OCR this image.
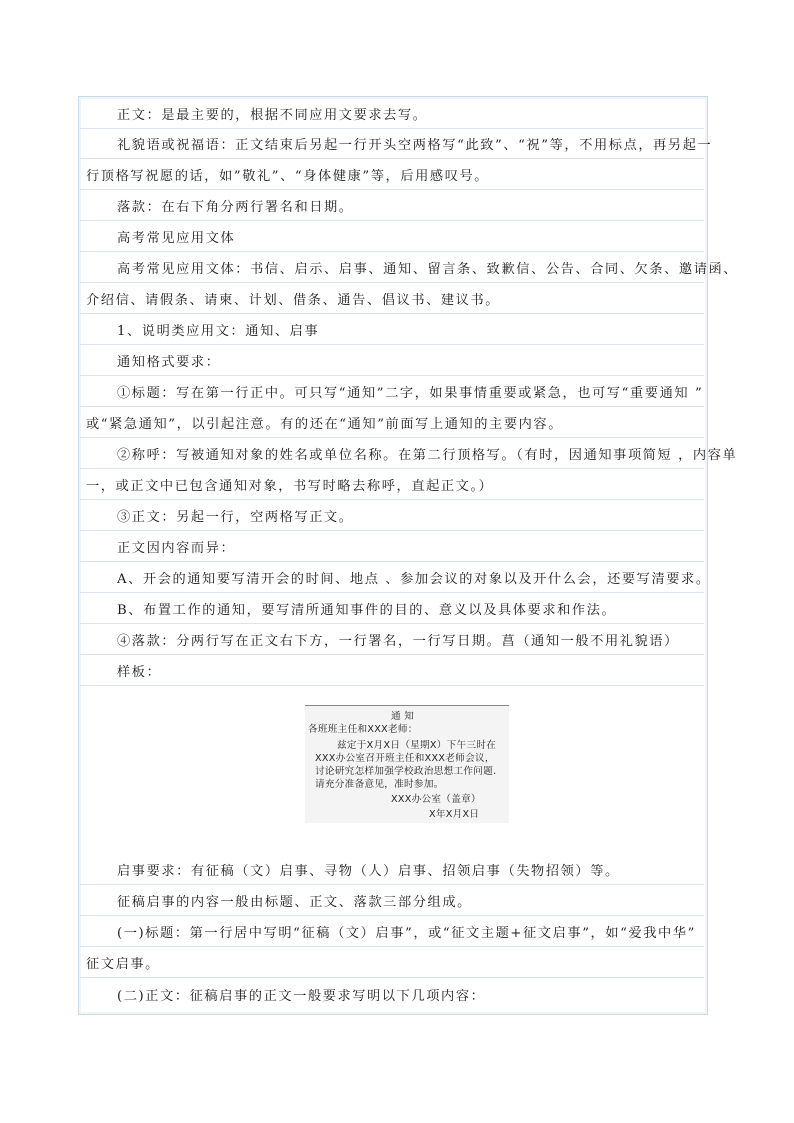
正文：是最主要的，根据不同应用文要求去写。
礼貌语或祝福语：正文结束后另起一行开头空两格写“此致”、“祝”等，不用标点，再另起一
行顶格写祝愿的话，如”敬礼”、“身体健康”等，后用感叹号。
落款：在右下角分两行署名和日期。
高考常见应用文体
高考常见应用文体：书信、启示、启事、通知、留言条、致歉信、公告、合同、欠条、邀请函、
介绍信、请假条、请柬、计划、借条、通告、倡议书、建议书。
1、说明类应用文：通知、启事
通知格式要求：
①标题：写在第一行正中。可只写“通知”二字，如果事情重要或紧急，也可写“重要通知 ”
或“紧急通知”，以引起注意。有的还在“通知”前面写上通知的主要内容。
②称呼：写被通知对象的姓名或单位名称。在第二行顶格写。（有时，因通知事项简短 ，内容单
一，或正文中已包含通知对象，书写时略去称呼，直起正文。）
③正文：另起一行，空两格写正文。
正文因内容而异：
A、开会的通知要写清开会的时间、地点 、参加会议的对象以及开什么会，还要写清要求。
B、布置工作的通知，要写清所通知事件的目的、意义以及具体要求和作法。
④落款：分两行写在正文右下方，一行署名，一行写日期。菖（通知一般不用礼貌语）
样板：
通 知
各班班主任和XXX老师：
兹定于X月X日（星期X）下午三时在
XXX办公室召开班主任和XXX老师会议，
讨论研究怎样加强学校政治思想工作问题.
请充分准备意见，准时参加。
XXX办公室（盖章）
X年X月X日
启事要求：有征稿（文）启事、寻物（人）启事、招领启事（失物招领）等。
征稿启事的内容一般由标题、正文、落款三部分组成。
(一)标题：第一行居中写明“征稿（文）启事”，或“征文主题+征文启事”，如“爱我中华”
征文启事。
(二)正文：征稿启事的正文一般要求写明以下几项内容：
